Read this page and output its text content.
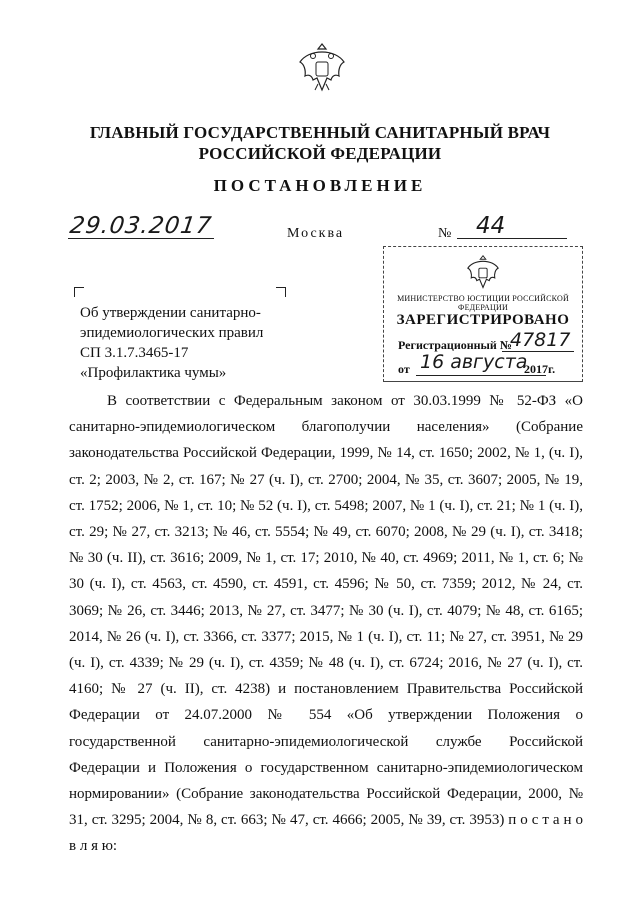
ГЛАВНЫЙ ГОСУДАРСТВЕННЫЙ САНИТАРНЫЙ ВРАЧ
РОССИЙСКОЙ ФЕДЕРАЦИИ
ПОСТАНОВЛЕНИЕ
29.03.2017	Москва	№ 44
Об утверждении санитарно-
эпидемиологических правил
СП 3.1.7.3465-17
«Профилактика чумы»
МИНИСТЕРСТВО ЮСТИЦИИ РОССИЙСКОЙ ФЕДЕРАЦИИ
ЗАРЕГИСТРИРОВАНО
Регистрационный №
47817
от 16 августа
2017г.

В соответствии с Федеральным законом от 30.03.1999 № 52-ФЗ «О санитарно-эпидемиологическом благополучии населения» (Собрание законодательства Российской Федерации, 1999, № 14, ст. 1650; 2002, № 1, (ч. I), ст. 2; 2003, № 2, ст. 167; № 27 (ч. I), ст. 2700; 2004, № 35, ст. 3607; 2005, № 19, ст. 1752; 2006, № 1, ст. 10; № 52 (ч. I), ст. 5498; 2007, № 1 (ч. I), ст. 21; № 1 (ч. I), ст. 29; № 27, ст. 3213; № 46, ст. 5554; № 49, ст. 6070; 2008, № 29 (ч. I), ст. 3418; № 30 (ч. II), ст. 3616; 2009, № 1, ст. 17; 2010, № 40, ст. 4969; 2011, № 1, ст. 6; № 30 (ч. I), ст. 4563, ст. 4590, ст. 4591, ст. 4596; № 50, ст. 7359; 2012, № 24, ст. 3069; № 26, ст. 3446; 2013, № 27, ст. 3477; № 30 (ч. I), ст. 4079; № 48, ст. 6165; 2014, № 26 (ч. I), ст. 3366, ст. 3377; 2015, № 1 (ч. I), ст. 11; № 27, ст. 3951, № 29 (ч. I), ст. 4339; № 29 (ч. I), ст. 4359; № 48 (ч. I), ст. 6724; 2016, № 27 (ч. I), ст. 4160; № 27 (ч. II), ст. 4238) и постановлением Правительства Российской Федерации от 24.07.2000 № 554 «Об утверждении Положения о государственной санитарно-эпидемиологической службе Российской Федерации и Положения о государственном санитарно-эпидемиологическом нормировании» (Собрание законодательства Российской Федерации, 2000, № 31, ст. 3295; 2004, № 8, ст. 663; № 47, ст. 4666; 2005, № 39, ст. 3953) п о с т а н о в л я ю:
